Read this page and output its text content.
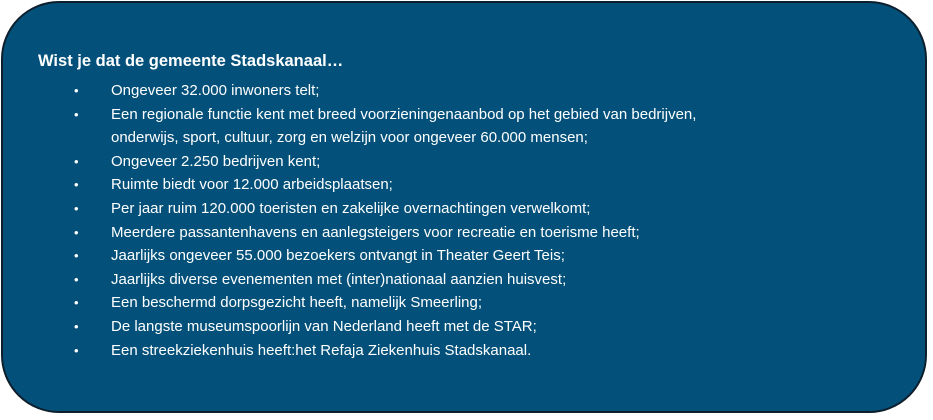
Wist je dat de gemeente Stadskanaal…
• Ongeveer 32.000 inwoners telt;
• Een regionale functie kent met breed voorzieningenaanbod op het gebied van bedrijven,
onderwijs, sport, cultuur, zorg en welzijn voor ongeveer 60.000 mensen;
• Ongeveer 2.250 bedrijven kent;
• Ruimte biedt voor 12.000 arbeidsplaatsen;
• Per jaar ruim 120.000 toeristen en zakelijke overnachtingen verwelkomt;
• Meerdere passantenhavens en aanlegsteigers voor recreatie en toerisme heeft;
• Jaarlijks ongeveer 55.000 bezoekers ontvangt in Theater Geert Teis;
• Jaarlijks diverse evenementen met (inter)nationaal aanzien huisvest;
• Een beschermd dorpsgezicht heeft, namelijk Smeerling;
• De langste museumspoorlijn van Nederland heeft met de STAR;
• Een streekziekenhuis heeft:het Refaja Ziekenhuis Stadskanaal.
